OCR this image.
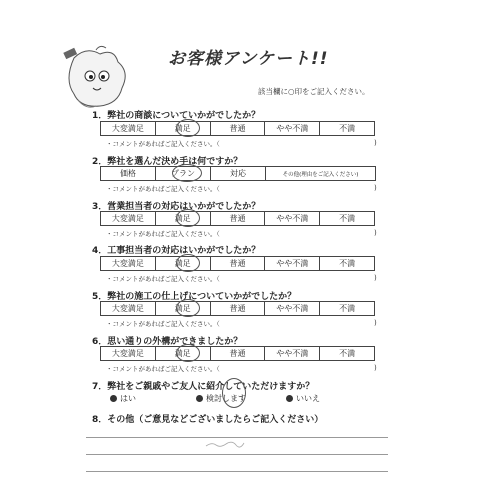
お客様アンケート!!
該当欄に○印をご記入ください。
1．弊社の商談についていかがでしたか？
大変満足	満足	普通	やや不満	不満
・コメントがあればご記入ください。（	)
2．弊社を選んだ決め手は何ですか？
価格	プラン	対応	その他(理由をご記入ください)
・コメントがあればご記入ください。（	)
3．営業担当者の対応はいかがでしたか？
大変満足	満足	普通	やや不満	不満
・コメントがあればご記入ください。（	)
4．工事担当者の対応はいかがでしたか？
大変満足	満足	普通	やや不満	不満
・コメントがあればご記入ください。（	)
5．弊社の施工の仕上げについていかがでしたか？
大変満足	満足	普通	やや不満	不満
・コメントがあればご記入ください。（	)
6．思い通りの外構ができましたか？
大変満足	満足	普通	やや不満	不満
・コメントがあればご記入ください。（	)
7．弊社をご親戚やご友人に紹介していただけますか？
はい	検討します	いいえ
8．その他（ご意見などございましたらご記入ください）
